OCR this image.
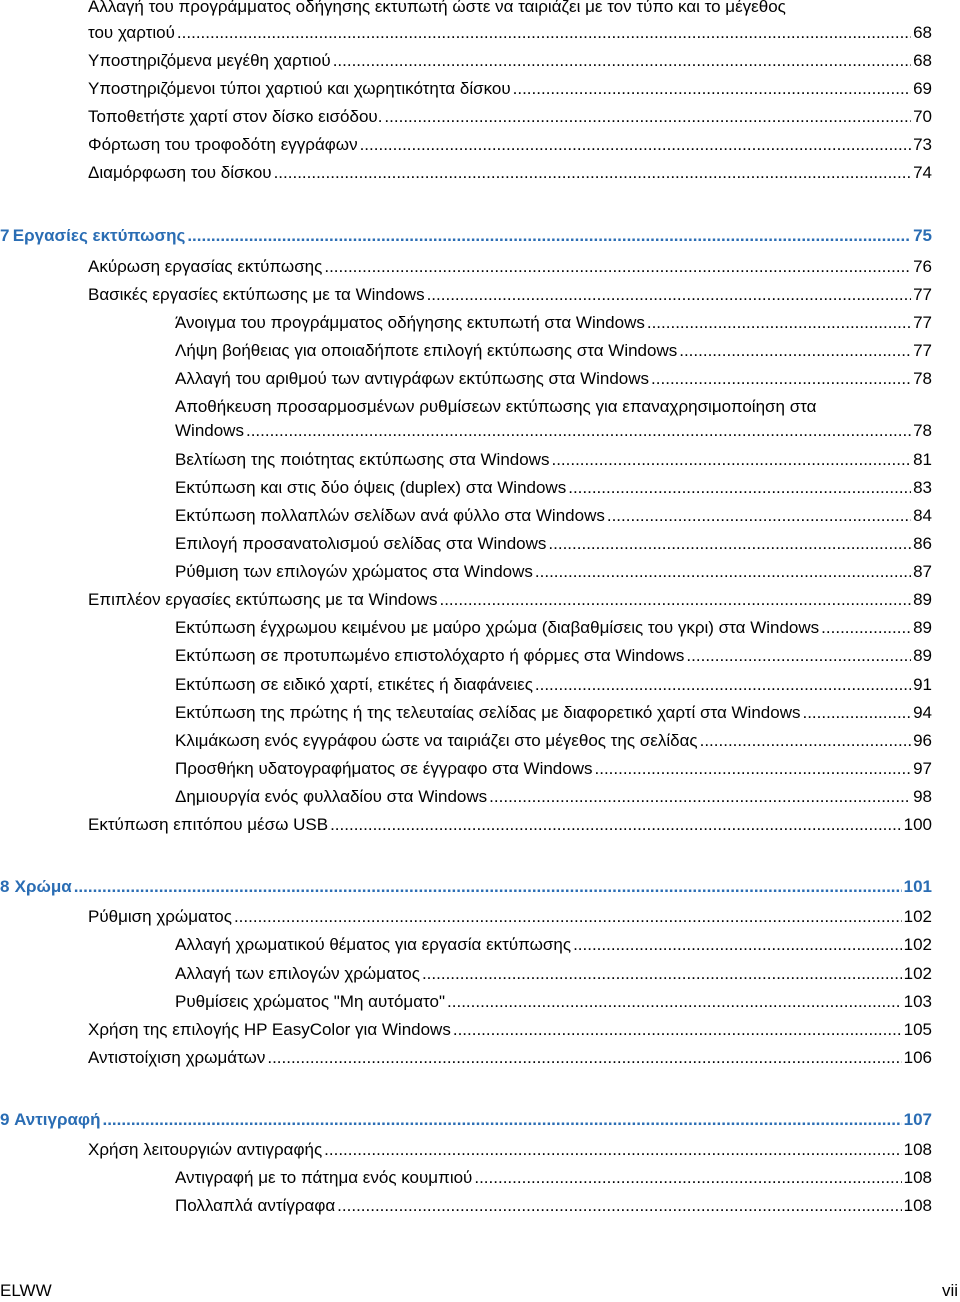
Αλλαγή του προγράμματος οδήγησης εκτυπωτή ώστε να ταιριάζει με τον τύπο και το μέγεθος
του χαρτιού .....	68
Υποστηριζόμενα μεγέθη χαρτιού .....	68
Υποστηριζόμενοι τύποι χαρτιού και χωρητικότητα δίσκου .....	69
Τοποθετήστε χαρτί στον δίσκο εισόδου. .....	70
Φόρτωση του τροφοδότη εγγράφων .....	73
Διαμόρφωση του δίσκου .....	74
7 Εργασίες εκτύπωσης .....	75
Ακύρωση εργασίας εκτύπωσης .....	76
Βασικές εργασίες εκτύπωσης με τα Windows .....	77
Άνοιγμα του προγράμματος οδήγησης εκτυπωτή στα Windows .....	77
Λήψη βοήθειας για οποιαδήποτε επιλογή εκτύπωσης στα Windows .....	77
Αλλαγή του αριθμού των αντιγράφων εκτύπωσης στα Windows .....	78
Αποθήκευση προσαρμοσμένων ρυθμίσεων εκτύπωσης για επαναχρησιμοποίηση στα
Windows .....	78
Βελτίωση της ποιότητας εκτύπωσης στα Windows .....	81
Εκτύπωση και στις δύο όψεις (duplex) στα Windows .....	83
Εκτύπωση πολλαπλών σελίδων ανά φύλλο στα Windows .....	84
Επιλογή προσανατολισμού σελίδας στα Windows .....	86
Ρύθμιση των επιλογών χρώματος στα Windows .....	87
Επιπλέον εργασίες εκτύπωσης με τα Windows .....	89
Εκτύπωση έγχρωμου κειμένου με μαύρο χρώμα (διαβαθμίσεις του γκρι) στα Windows .....	89
Εκτύπωση σε προτυπωμένο επιστολόχαρτο ή φόρμες στα Windows .....	89
Εκτύπωση σε ειδικό χαρτί, ετικέτες ή διαφάνειες .....	91
Εκτύπωση της πρώτης ή της τελευταίας σελίδας με διαφορετικό χαρτί στα Windows .....	94
Κλιμάκωση ενός εγγράφου ώστε να ταιριάζει στο μέγεθος της σελίδας .....	96
Προσθήκη υδατογραφήματος σε έγγραφο στα Windows .....	97
Δημιουργία ενός φυλλαδίου στα Windows .....	98
Εκτύπωση επιτόπου μέσω USB .....	100
8 Χρώμα .....	101
Ρύθμιση χρώματος .....	102
Αλλαγή χρωματικού θέματος για εργασία εκτύπωσης .....	102
Αλλαγή των επιλογών χρώματος .....	102
Ρυθμίσεις χρώματος "Μη αυτόματο" .....	103
Χρήση της επιλογής HP EasyColor για Windows .....	105
Αντιστοίχιση χρωμάτων .....	106
9 Αντιγραφή .....	107
Χρήση λειτουργιών αντιγραφής .....	108
Αντιγραφή με το πάτημα ενός κουμπιού .....	108
Πολλαπλά αντίγραφα .....	108
ELWW	vii
